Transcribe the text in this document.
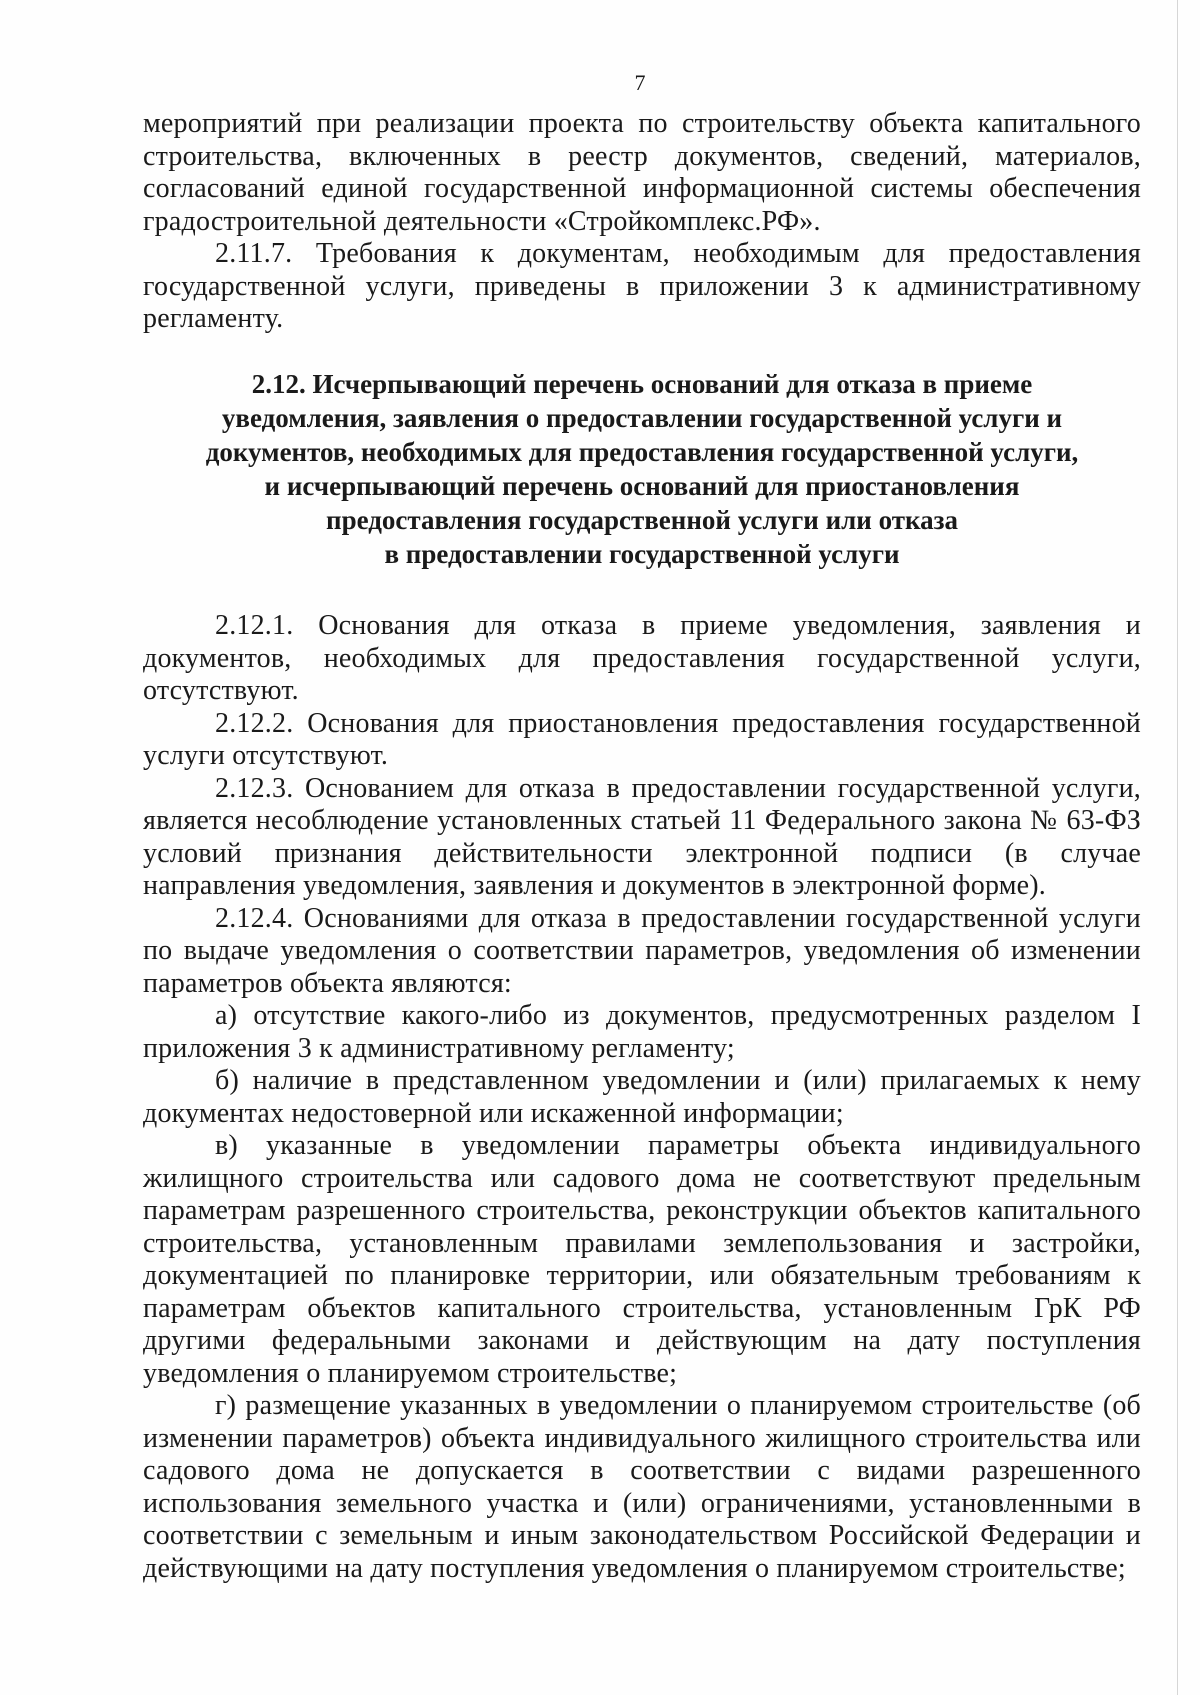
7

мероприятий при реализации проекта по строительству объекта капитального строительства, включенных в реестр документов, сведений, материалов, согласований единой государственной информационной системы обеспечения градостроительной деятельности «Стройкомплекс.РФ».

2.11.7. Требования к документам, необходимым для предоставления государственной услуги, приведены в приложении 3 к административному регламенту.

2.12. Исчерпывающий перечень оснований для отказа в приеме
уведомления, заявления о предоставлении государственной услуги и
документов, необходимых для предоставления государственной услуги,
и исчерпывающий перечень оснований для приостановления
предоставления государственной услуги или отказа
в предоставлении государственной услуги

2.12.1. Основания для отказа в приеме уведомления, заявления и документов, необходимых для предоставления государственной услуги, отсутствуют.

2.12.2. Основания для приостановления предоставления государственной услуги отсутствуют.

2.12.3. Основанием для отказа в предоставлении государственной услуги, является несоблюдение установленных статьей 11 Федерального закона № 63-ФЗ условий признания действительности электронной подписи (в случае направления уведомления, заявления и документов в электронной форме).

2.12.4. Основаниями для отказа в предоставлении государственной услуги по выдаче уведомления о соответствии параметров, уведомления об изменении параметров объекта являются:

а) отсутствие какого-либо из документов, предусмотренных разделом I приложения 3 к административному регламенту;

б) наличие в представленном уведомлении и (или) прилагаемых к нему документах недостоверной или искаженной информации;

в) указанные в уведомлении параметры объекта индивидуального жилищного строительства или садового дома не соответствуют предельным параметрам разрешенного строительства, реконструкции объектов капитального строительства, установленным правилами землепользования и застройки, документацией по планировке территории, или обязательным требованиям к параметрам объектов капитального строительства, установленным ГрК РФ другими федеральными законами и действующим на дату поступления уведомления о планируемом строительстве;

г) размещение указанных в уведомлении о планируемом строительстве (об изменении параметров) объекта индивидуального жилищного строительства или садового дома не допускается в соответствии с видами разрешенного использования земельного участка и (или) ограничениями, установленными в соответствии с земельным и иным законодательством Российской Федерации и действующими на дату поступления уведомления о планируемом строительстве;
